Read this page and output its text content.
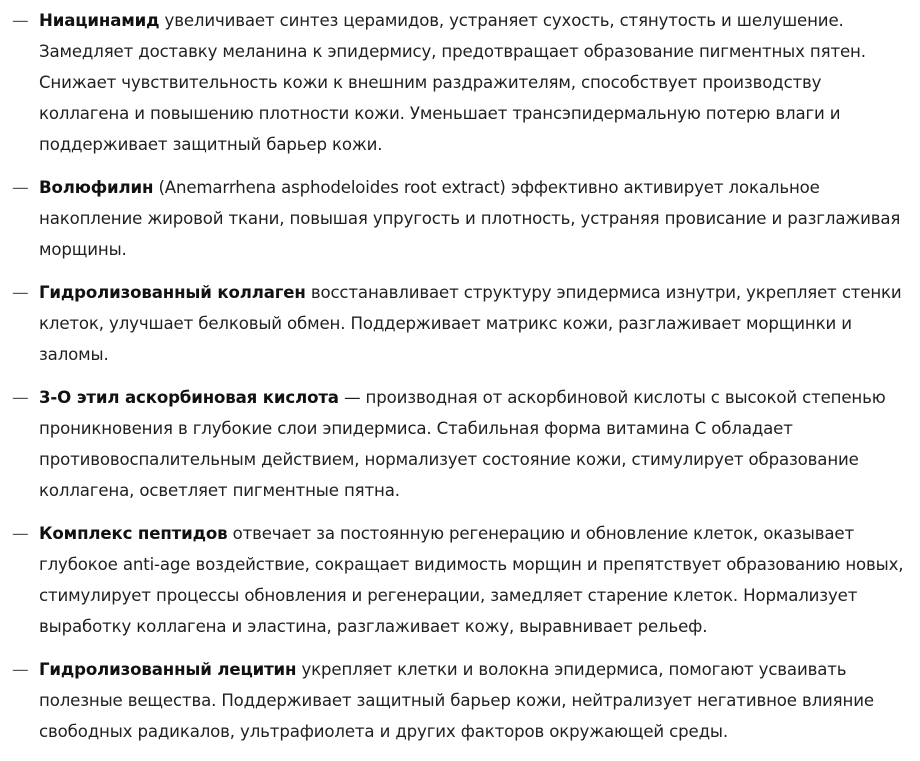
— Ниацинамид увеличивает синтез церамидов, устраняет сухость, стянутость и шелушение. Замедляет доставку меланина к эпидермису, предотвращает образование пигментных пятен. Снижает чувствительность кожи к внешним раздражителям, способствует производству коллагена и повышению плотности кожи. Уменьшает трансэпидермальную потерю влаги и поддерживает защитный барьер кожи.
— Волюфилин (Anemarrhena asphodeloides root extract) эффективно активирует локальное накопление жировой ткани, повышая упругость и плотность, устраняя провисание и разглаживая морщины.
— Гидролизованный коллаген восстанавливает структуру эпидермиса изнутри, укрепляет стенки клеток, улучшает белковый обмен. Поддерживает матрикс кожи, разглаживает морщинки и заломы.
— 3-О этил аскорбиновая кислота — производная от аскорбиновой кислоты с высокой степенью проникновения в глубокие слои эпидермиса. Стабильная форма витамина С обладает противовоспалительным действием, нормализует состояние кожи, стимулирует образование коллагена, осветляет пигментные пятна.
— Комплекс пептидов отвечает за постоянную регенерацию и обновление клеток, оказывает глубокое anti-age воздействие, сокращает видимость морщин и препятствует образованию новых, стимулирует процессы обновления и регенерации, замедляет старение клеток. Нормализует выработку коллагена и эластина, разглаживает кожу, выравнивает рельеф.
— Гидролизованный лецитин укрепляет клетки и волокна эпидермиса, помогают усваивать полезные вещества. Поддерживает защитный барьер кожи, нейтрализует негативное влияние свободных радикалов, ультрафиолета и других факторов окружающей среды.
